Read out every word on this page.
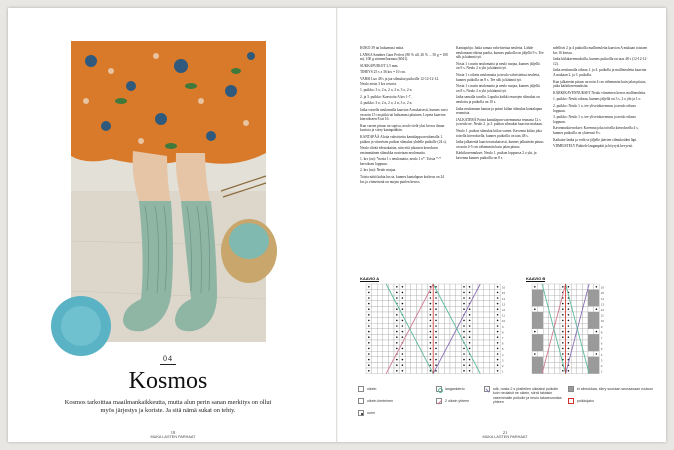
04
Kosmos
Kosmos tarkoittaa maailmankaikkeutta, mutta alun perin sanan merkitys on ollut myös järjestys ja koriste. Ja sitä nämä sukat on tehty.
18
MUKA LASTEN PARHAAT

KOKO 39 tai haluamasi mitta.

LANKA Sandnes Garn Perfect (80 % ull, 20 % ... 50 g = 100 m), 100 g sininen/harmaa (6041).

SUKKAPUIKOT 3,5 mm.

TIHEYS 25 s x 36 krs = 10 cm.

VARSI Luo 48 s ja jaa silmukat puikoille 12-12-12-12. Neulo ensin 3 krs resoria.

1. puikko: 3 o, 2 n, 2 o, 2 n, 3 o, 2 n.

2. ja 3. puikko: Kaavioita A krs 1-7.

4. puikko: 3 o, 2 n, 2 o, 2 n, 3 o, 2 n.

Jatka varrella neulomalla kaavion A mukaisesti, kunnes varsi on noin 15 cm pitkä tai haluamasi pituinen. Lopeta kaavion kierrokseen 8 tai 16.

Kun varren pituus on sopiva, neulo vielä yksi kerros ilman kuviota ja siirry kantapäähän.

KANTAPÄÄ Aloita vahvistettu kantalappu neulomalla 1. puikon ja viimeisen puikon silmukat yhdelle puikolle (24 s).

Neulo sileää edestakaisin, niin että jokaisen kerroksen ensimmäinen silmukka nostetaan neulomatta.

1. krs (oa): *nosta 1 s neulomatta, neulo 1 o*. Toista *-* kerroksen loppuun.

2. krs (na): Neulo nurjaa.

Toista näitä kahta krs:ta, kunnes kantalapun korkeus on 24 krs ja viimeisenä on nurjan puolen kerros.

Kantapohja: Jatka samaa vahvistettua neuletta. Lähde neulomaan oikeaa puolta, kunnes puikolla on jäljellä 9 s. Tee sdk ja käännä työ.

Nosta 1 s nurin neulomatta ja neulo nurjaa, kunnes jäljellä on 9 s. Neulo 2 n yht ja käännä työ.

Nosta 1 s oikein neulomatta ja neulo vahvistettua neuletta, kunnes puikolla on 8 s. Tee sdk ja käännä työ.

Nosta 1 s nurin neulomatta ja neulo nurjaa, kunnes jäljellä on 8 s. Neulo 2 n yht ja käännä työ.

Jatka samalla tavalla. Lopulta kaikki reunojen silmukat on neulottu ja puikolla on 10 s.

Jatka neulomaan kantaa ja poimi kiilan silmukat kantalapun reunoista.

JALKATERÄ Poimi kantalapun vasemmasta reunasta 12 s ja neulo ne. Neulo 2. ja 3. puikon silmukat kaavion mukaan.

Neulo 1. puikon silmukat kiilaa varten. Kavenna kiilaa joka toisella kierroksella, kunnes puikoilla on taas 48 s.

Jatka jalkaterää kaavion mukaisesti, kunnes jalkaterän pituus on noin 4-5 cm vähemmän kuin jalan pituus.

Kärkikavennukset: Neulo 1. puikon loppuosa 2 o yht, ja kavenna kunnes puikoilla on 8 s.

ndelliset 2 ja 4 puikoilla mallineuletta kaavion A mukaan toistaen krs 16 kertaa.

Jatka kiilakavennuksilla, kunnes puikoilla on taas 48 s (12-12-12-12).

Jatka neulomalla oikeaa 1. ja 4. puikolla ja mallineuletta kaavion A mukaan 2. ja 3. puikolla.

Kun jalkaterän pituus on noin 4 cm vähemmän kuin jalan pituus, jatka kärkikavennuksiin.

KÄRKIKAVENNUKSET Neulo viimeinen kerros mallineuletta.

1. puikko: Neulo oikeaa, kunnes jäljellä on 3 s, 2 o yht ja 1 o.

2. puikko: Neulo 1 o, tee ylivetokavennus ja neulo oikeaa loppuun.

3. puikko: Neulo 1 o, tee ylivetokavennus ja neulo oikeaa loppuun.

Kavennuskierrokset: Kavenna joka toisella kierroksella 4 s, kunnes puikoilla on yhteensä 8 s.

Katkaise lanka ja vedä se jäljelle jäävien silmukoiden läpi.

VIIMEISTELY Päättele langanpäät ja höyrytä kevyesti.

KAAVIO A	KAAVIO B
16
15
14
13
12
11
10
9
8
7
6
5
4
3
2
1
16
15
14
13
12
11
10
9
8
7
6
5
4
3
2
1
oikein
oikein kierteinen
nurin
langankierto
2 oikein yhteen
sdk, nosta 2 s yksitellen oikeaksi puikolle kuin neulaisit ne oikein, siirrä takaisin vasemmalle puikolle ja neulo takareunoista yhteen
ei silmukkaa, siirry suoraan seuraavaan ruutuun
puikkojako
21
MUKA LASTEN PARHAAT
